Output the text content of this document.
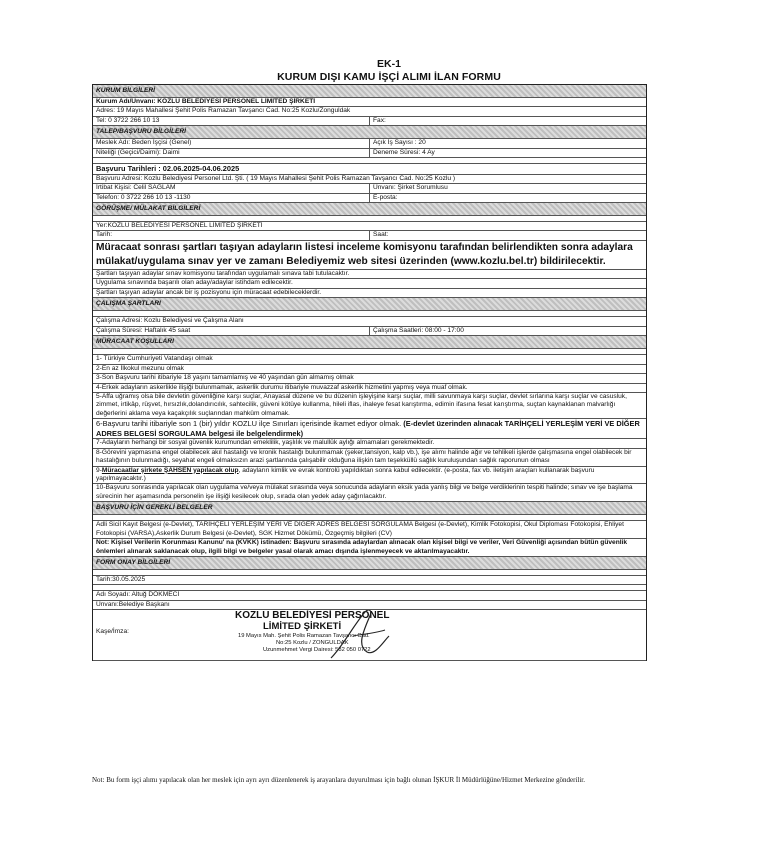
EK-1
KURUM DIŞI KAMU İŞÇİ ALIMI İLAN FORMU
KURUM BİLGİLERİ
Kurum Adı/Unvanı: KOZLU BELEDİYESİ PERSONEL LİMİTED ŞİRKETİ
Adres: 19 Mayıs Mahallesi Şehit Polis Ramazan Tavşancı Cad. No:25 Kozlu/Zonguldak
Tel: 0 3722 266 10 13	Fax:
TALEP/BAŞVURU BİLGİLERİ
Meslek Adı: Beden İşçisi (Genel)	Açık İş Sayısı : 20
Niteliği (Geçici/Daimi): Daimi	Deneme Süresi: 4 Ay
Başvuru Tarihleri : 02.06.2025-04.06.2025
Başvuru Adresi: Kozlu Belediyesi Personel Ltd. Şti. ( 19 Mayıs Mahallesi Şehit Polis Ramazan Tavşancı Cad. No:25 Kozlu )
İrtibat Kişisi: Celil SAĞLAM	Ünvanı: Şirket Sorumlusu
Telefon: 0 3722 266 10 13 -1130	E-posta:
GÖRÜŞME/ MÜLAKAT BİLGİLERİ
Yer:KOZLU BELEDİYESİ PERSONEL LİMİTED ŞİRKETİ
Tarih:	Saat:
Müracaat sonrası şartları taşıyan adayların listesi inceleme komisyonu tarafından belirlendikten sonra adaylara mülakat/uygulama sınav yer ve zamanı Belediyemiz web sitesi üzerinden (www.kozlu.bel.tr) bildirilecektir.
Şartları taşıyan adaylar sınav komisyonu tarafından uygulamalı sınava tabi tutulacaktır.
Uygulama sınavında başarılı olan aday/adaylar istihdam edilecektir.
Şartları taşıyan adaylar ancak bir iş pozisyonu için müracaat edebileceklerdir.
ÇALIŞMA ŞARTLARI
Çalışma Adresi: Kozlu Belediyesi ve Çalışma Alanı
Çalışma Süresi: Haftalık 45 saat	Çalışma Saatleri: 08:00 - 17:00
MÜRACAAT KOŞULLARI
1- Türkiye Cumhuriyeti Vatandaşı olmak
2-En az İlkokul mezunu olmak
3-Son Başvuru tarihi itibariyle 18 yaşını tamamlamış ve 40 yaşından gün almamış olmak
4-Erkek adayların askerlikle ilişiği bulunmamak, askerlik durumu itibariyle muvazzaf askerlik hizmetini yapmış veya muaf olmak.
5-Affa uğramış olsa bile devletin güvenliğine karşı suçlar, Anayasal düzene ve bu düzenin işleyişine karşı suçlar, milli savunmaya karşı suçlar, devlet sırlarına karşı suçlar ve casusluk, zimmet, irtikâp, rüşvet, hırsızlık,dolandırıcılık, sahtecilik, güveni kötüye kullanma, hileli iflas, ihaleye fesat karıştırma, edimin ifasına fesat karıştırma, suçtan kaynaklanan malvarlığı değerlerini aklama veya kaçakçılık suçlarından mahkûm olmamak.
6-Başvuru tarihi itibariyle son 1 (bir) yıldır KOZLU ilçe Sınırları içerisinde ikamet ediyor olmak. (E-devlet üzerinden alınacak TARİHÇELİ YERLEŞİM YERİ VE DİĞER ADRES BELGESİ SORGULAMA belgesi ile belgelendirmek)
7-Adayların herhangi bir sosyal güvenlik kurumundan emeklilik, yaşlılık ve malullük aylığı almamaları gerekmektedir.
8-Görevini yapmasına engel olabilecek akıl hastalığı ve kronik hastalığı bulunmamak (şeker,tansiyon, kalp vb.), işe alımı halinde ağır ve tehlikeli işlerde çalışmasına engel olabilecek bir hastalığının bulunmadığı, seyahat engeli olmaksızın arazi şartlarında çalışabilir olduğuna ilişkin tam teşekküllü sağlık kuruluşundan sağlık raporunun olması
9-Müracaatlar şirkete ŞAHSEN yapılacak olup, adayların kimlik ve evrak kontrolü yapıldıktan sonra kabul edilecektir. (e-posta, fax vb. iletişim araçları kullanarak başvuru yapılmayacaktır.)
10-Başvuru sonrasında yapılacak olan uygulama ve/veya mülakat sırasında veya sonucunda adayların eksik yada yanlış bilgi ve belge verdiklerinin tespiti halinde; sınav ve işe başlama sürecinin her aşamasında personelin işe ilişiği kesilecek olup, sırada olan yedek aday çağırılacaktır.
BAŞVURU İÇİN GEREKLİ BELGELER
Adli Sicil Kayıt Belgesi (e-Devlet), TARİHÇELİ YERLEŞİM YERİ VE DİĞER ADRES BELGESİ SORGULAMA Belgesi (e-Devlet), Kimlik Fotokopisi, Okul Diploması Fotokopisi, Ehliyet Fotokopisi (VARSA),Askerlik Durum Belgesi (e-Devlet), SGK Hizmet Dökümü, Özgeçmiş bilgileri (CV)
Not: Kişisel Verilerin Korunması Kanunu' na (KVKK) istinaden: Başvuru sırasında adaylardan alınacak olan kişisel bilgi ve veriler, Veri Güvenliği açısından bütün güvenlik önlemleri alınarak saklanacak olup, ilgili bilgi ve belgeler yasal olarak amacı dışında işlenmeyecek ve aktarılmayacaktır.
FORM ONAY BİLGİLERİ
Tarih:30.05.2025
Adı Soyadı: Altuğ DÖKMECİ
Ünvanı:Belediye Başkanı
Kaşe/İmza:
KOZLU BELEDİYESİ PERSONEL
LİMİTED ŞİRKETİ
19 Mayıs Mah. Şehit Polis Ramazan Tavşancı Cad.
No:25 Kozlu / ZONGULDAK
Uzunmehmet Vergi Dairesi: 582 050 0722
Not: Bu form işçi alımı yapılacak olan her meslek için ayrı ayrı düzenlenerek iş arayanlara duyurulması için bağlı olunan İŞKUR İl Müdürlüğüne/Hizmet Merkezine gönderilir.
